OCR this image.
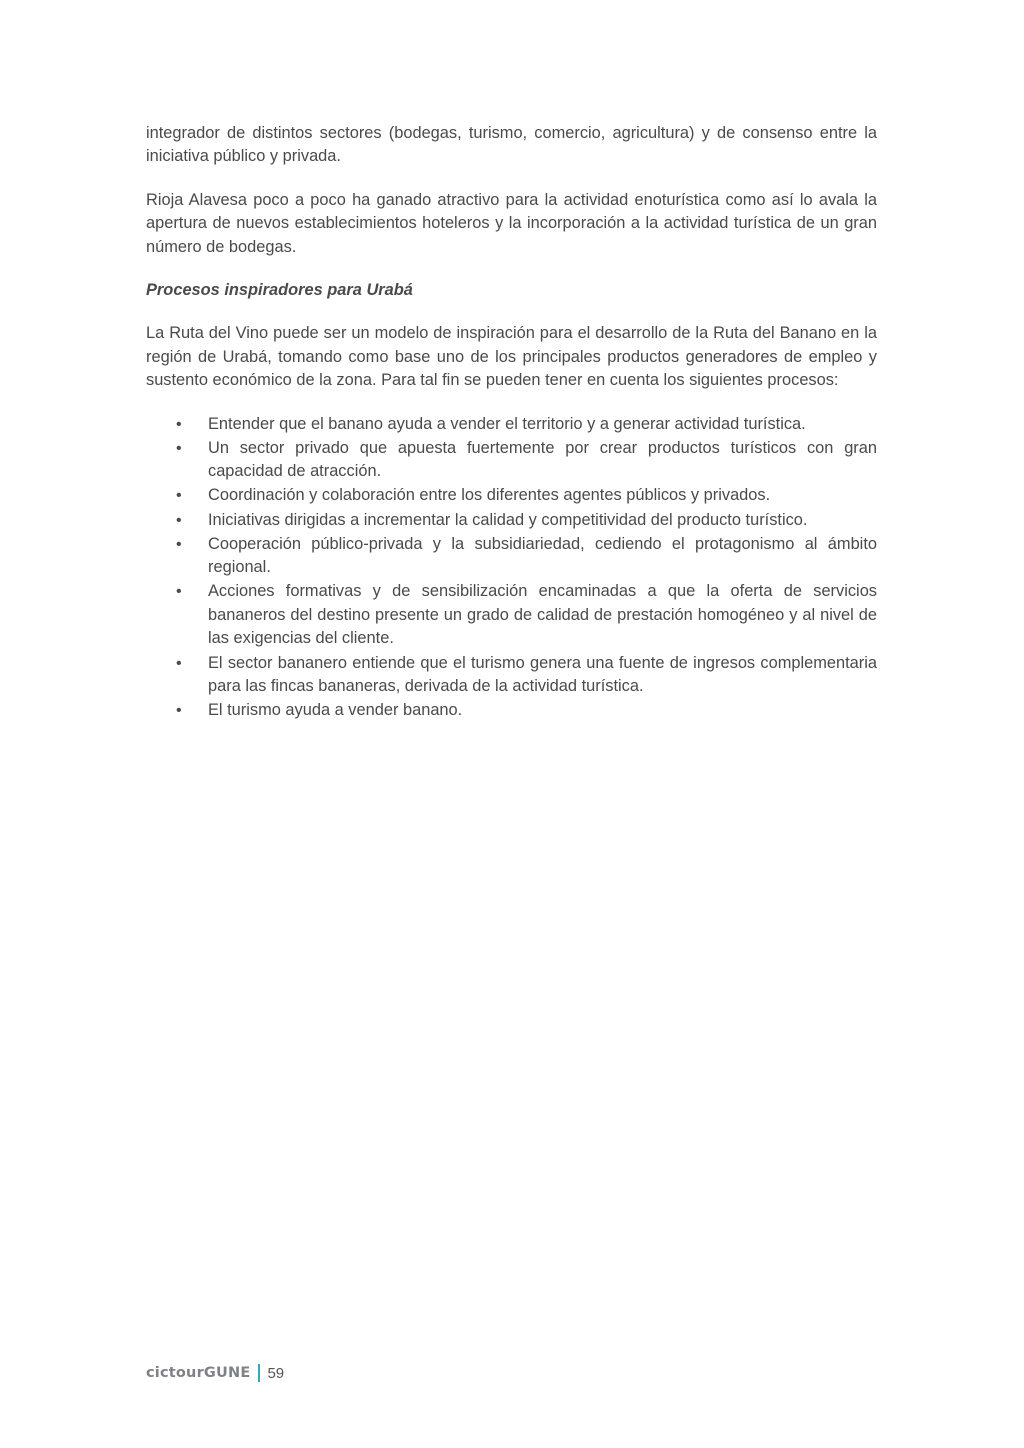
integrador de distintos sectores (bodegas, turismo, comercio, agricultura) y de consenso entre la iniciativa público y privada.

Rioja Alavesa poco a poco ha ganado atractivo para la actividad enoturística como así lo avala la apertura de nuevos establecimientos hoteleros y la incorporación a la actividad turística de un gran número de bodegas.

Procesos inspiradores para Urabá

La Ruta del Vino puede ser un modelo de inspiración para el desarrollo de la Ruta del Banano en la región de Urabá, tomando como base uno de los principales productos generadores de empleo y sustento económico de la zona. Para tal fin se pueden tener en cuenta los siguientes procesos:

• Entender que el banano ayuda a vender el territorio y a generar actividad turística.
• Un sector privado que apuesta fuertemente por crear productos turísticos con gran capacidad de atracción.
• Coordinación y colaboración entre los diferentes agentes públicos y privados.
• Iniciativas dirigidas a incrementar la calidad y competitividad del producto turístico.
• Cooperación público-privada y la subsidiariedad, cediendo el protagonismo al ámbito regional.
• Acciones formativas y de sensibilización encaminadas a que la oferta de servicios bananeros del destino presente un grado de calidad de prestación homogéneo y al nivel de las exigencias del cliente.
• El sector bananero entiende que el turismo genera una fuente de ingresos complementaria para las fincas bananeras, derivada de la actividad turística.
• El turismo ayuda a vender banano.
cictourGUNE 59
